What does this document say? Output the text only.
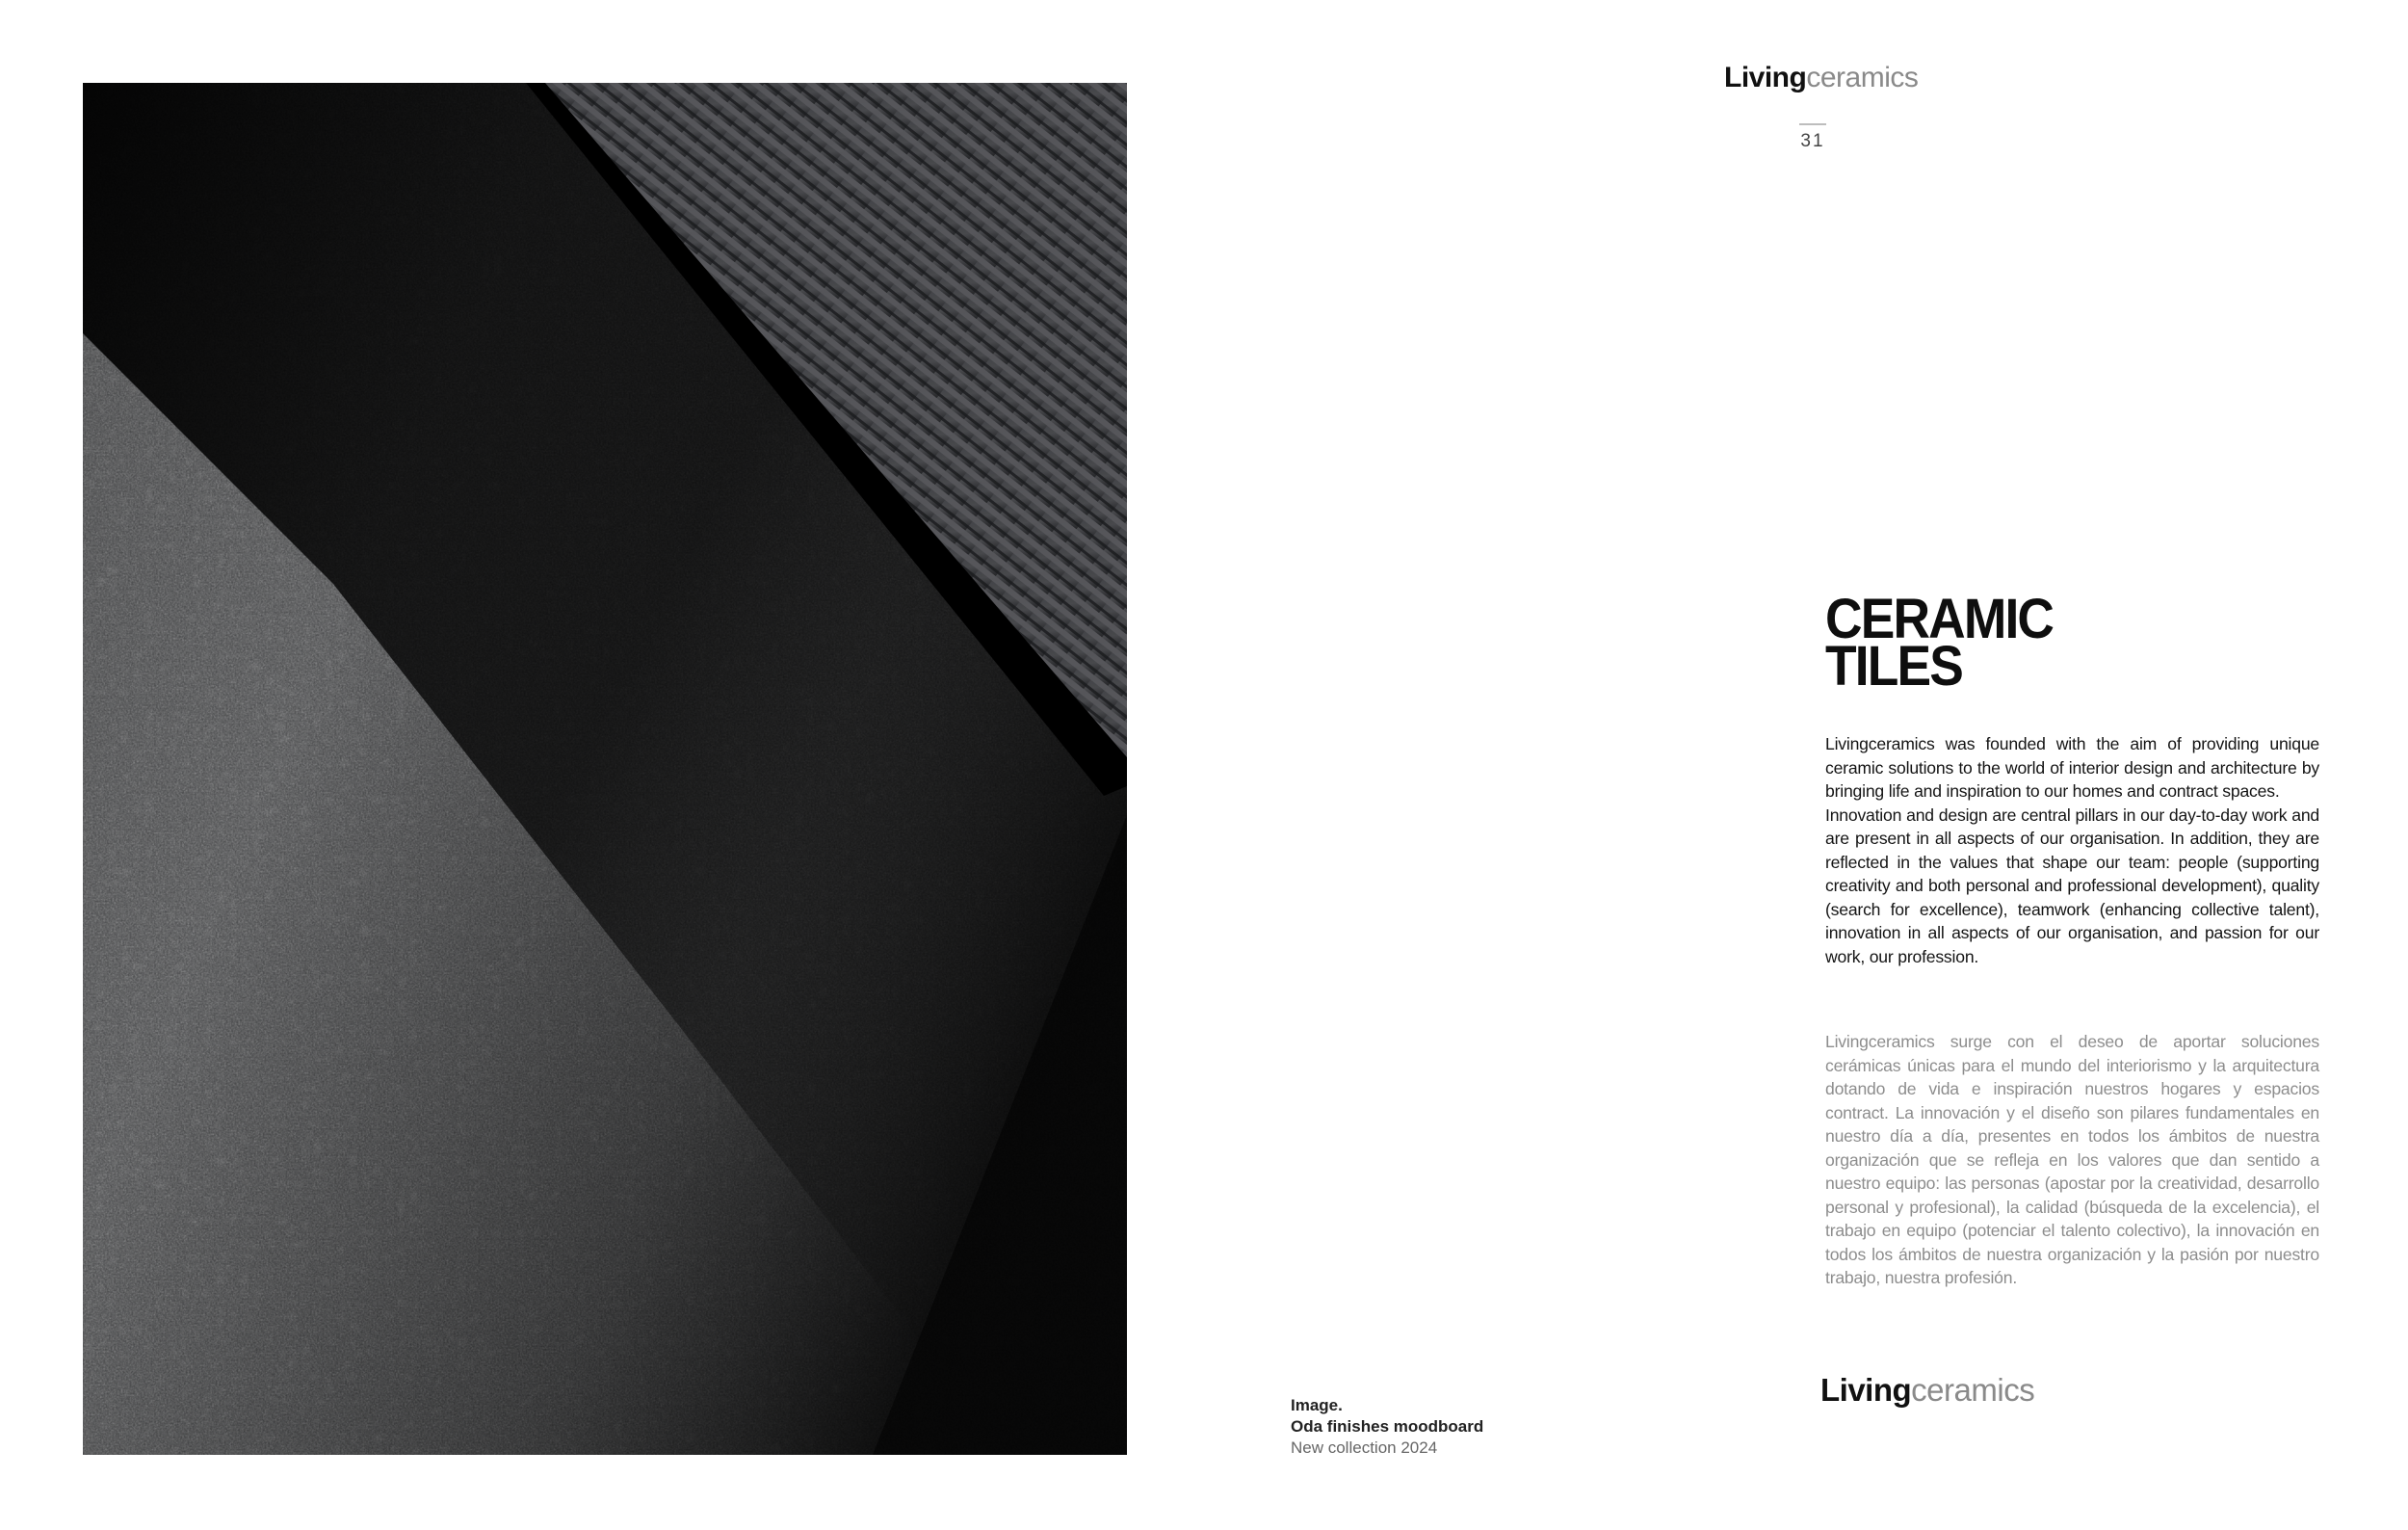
Livingceramics
31
CERAMIC
TILES

Livingceramics was founded with the aim of providing unique ceramic solutions to the world of interior design and architecture by bringing life and inspiration to our homes and contract spaces.

Innovation and design are central pillars in our day-to-day work and are present in all aspects of our organisation. In addition, they are reflected in the values that shape our team: people (supporting creativity and both personal and professional development), quality (search for excellence), teamwork (enhancing collective talent), innovation in all aspects of our organisation, and passion for our work, our profession.

Livingceramics surge con el deseo de aportar soluciones cerámicas únicas para el mundo del interiorismo y la arquitectura dotando de vida e inspiración nuestros hogares y espacios contract. La innovación y el diseño son pilares fundamentales en nuestro día a día, presentes en todos los ámbitos de nuestra organización que se refleja en los valores que dan sentido a nuestro equipo: las personas (apostar por la creatividad, desarrollo personal y profesional), la calidad (búsqueda de la excelencia), el trabajo en equipo (potenciar el talento colectivo), la innovación en todos los ámbitos de nuestra organización y la pasión por nuestro trabajo, nuestra profesión.

Livingceramics
Image.
Oda finishes moodboard
New collection 2024
